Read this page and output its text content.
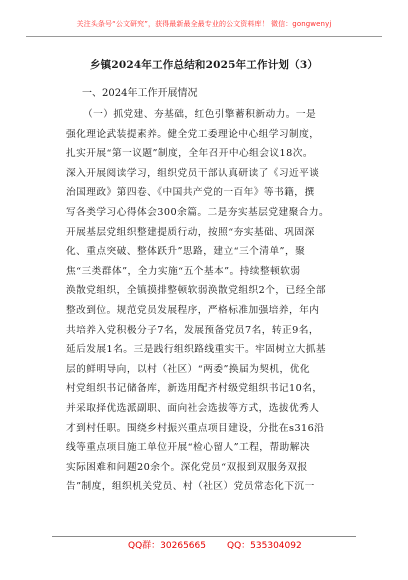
关注头条号“公文研究”，获得最新最全最专业的公文资料库！ 微信：gongwenyj
乡镇2024年工作总结和2025年工作计划（3）
一、2024年工作开展情况
（一）抓党建、夯基础，红色引擎蓄积新动力。一是
强化理论武装提素养。健全党工委理论中心组学习制度，
扎实开展“第一议题”制度，全年召开中心组会议18次。
深入开展阅读学习，组织党员干部认真研读了《习近平谈
治国理政》第四卷、《中国共产党的一百年》等书籍，撰
写各类学习心得体会300余篇。二是夯实基层党建聚合力。
开展基层党组织整建提质行动，按照“夯实基础、巩固深
化、重点突破、整体跃升”思路，建立“三个清单”，聚
焦“三类群体”，全力实施“五个基本”。持续整顿软弱
涣散党组织，全镇摸排整顿软弱涣散党组织2个，已经全部
整改到位。规范党员发展程序，严格标准加强培养，年内
共培养入党积极分子7名，发展预备党员7名，转正9名，
延后发展1名。三是践行组织路线重实干。牢固树立大抓基
层的鲜明导向，以村（社区）“两委”换届为契机，优化
村党组织书记储备库，新选用配齐村级党组织书记10名，
并采取择优选派副职、面向社会选拔等方式，选拔优秀人
才到村任职。围绕乡村振兴重点项目建设，分批在s316沿
线等重点项目施工单位开展“检心留人”工程，帮助解决
实际困难和问题20余个。深化党员“双报到双服务双报
告”制度，组织机关党员、村（社区）党员常态化下沉一
QQ群：30265665 QQ：535304092
